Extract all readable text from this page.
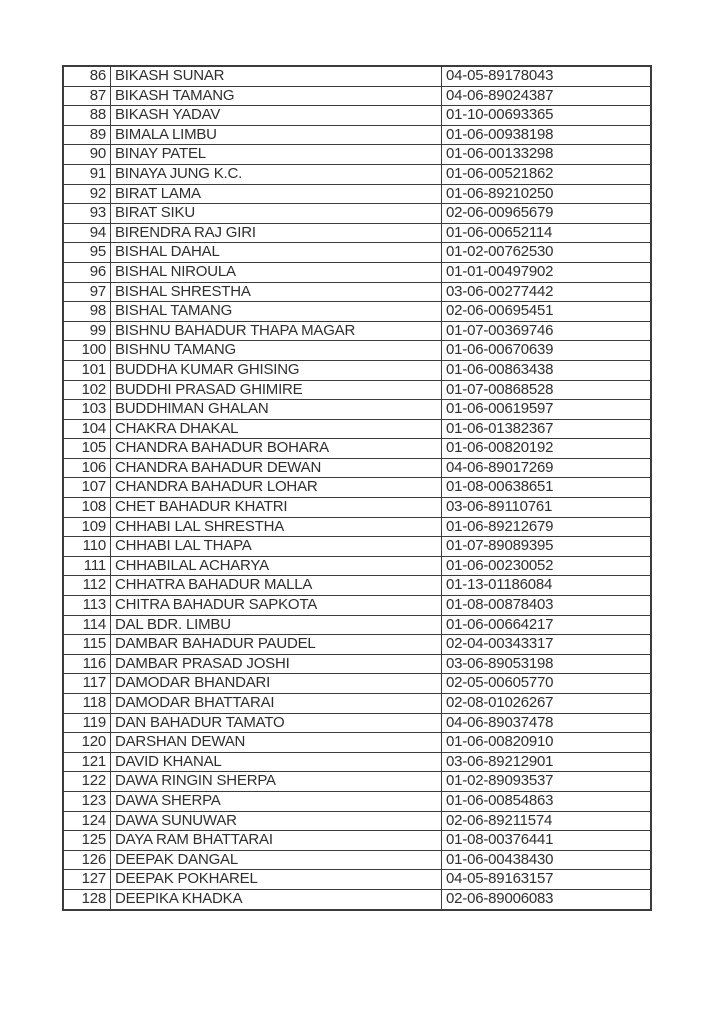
86	BIKASH SUNAR	04-05-89178043
87	BIKASH TAMANG	04-06-89024387
88	BIKASH YADAV	01-10-00693365
89	BIMALA LIMBU	01-06-00938198
90	BINAY PATEL	01-06-00133298
91	BINAYA JUNG K.C.	01-06-00521862
92	BIRAT LAMA	01-06-89210250
93	BIRAT SIKU	02-06-00965679
94	BIRENDRA RAJ GIRI	01-06-00652114
95	BISHAL DAHAL	01-02-00762530
96	BISHAL NIROULA	01-01-00497902
97	BISHAL SHRESTHA	03-06-00277442
98	BISHAL TAMANG	02-06-00695451
99	BISHNU BAHADUR THAPA MAGAR	01-07-00369746
100	BISHNU TAMANG	01-06-00670639
101	BUDDHA KUMAR GHISING	01-06-00863438
102	BUDDHI PRASAD GHIMIRE	01-07-00868528
103	BUDDHIMAN GHALAN	01-06-00619597
104	CHAKRA DHAKAL	01-06-01382367
105	CHANDRA BAHADUR BOHARA	01-06-00820192
106	CHANDRA BAHADUR DEWAN	04-06-89017269
107	CHANDRA BAHADUR LOHAR	01-08-00638651
108	CHET BAHADUR KHATRI	03-06-89110761
109	CHHABI LAL SHRESTHA	01-06-89212679
110	CHHABI LAL THAPA	01-07-89089395
111	CHHABILAL ACHARYA	01-06-00230052
112	CHHATRA BAHADUR MALLA	01-13-01186084
113	CHITRA BAHADUR SAPKOTA	01-08-00878403
114	DAL BDR. LIMBU	01-06-00664217
115	DAMBAR BAHADUR PAUDEL	02-04-00343317
116	DAMBAR PRASAD JOSHI	03-06-89053198
117	DAMODAR BHANDARI	02-05-00605770
118	DAMODAR BHATTARAI	02-08-01026267
119	DAN BAHADUR TAMATO	04-06-89037478
120	DARSHAN DEWAN	01-06-00820910
121	DAVID KHANAL	03-06-89212901
122	DAWA RINGIN SHERPA	01-02-89093537
123	DAWA SHERPA	01-06-00854863
124	DAWA SUNUWAR	02-06-89211574
125	DAYA RAM BHATTARAI	01-08-00376441
126	DEEPAK DANGAL	01-06-00438430
127	DEEPAK POKHAREL	04-05-89163157
128	DEEPIKA KHADKA	02-06-89006083
